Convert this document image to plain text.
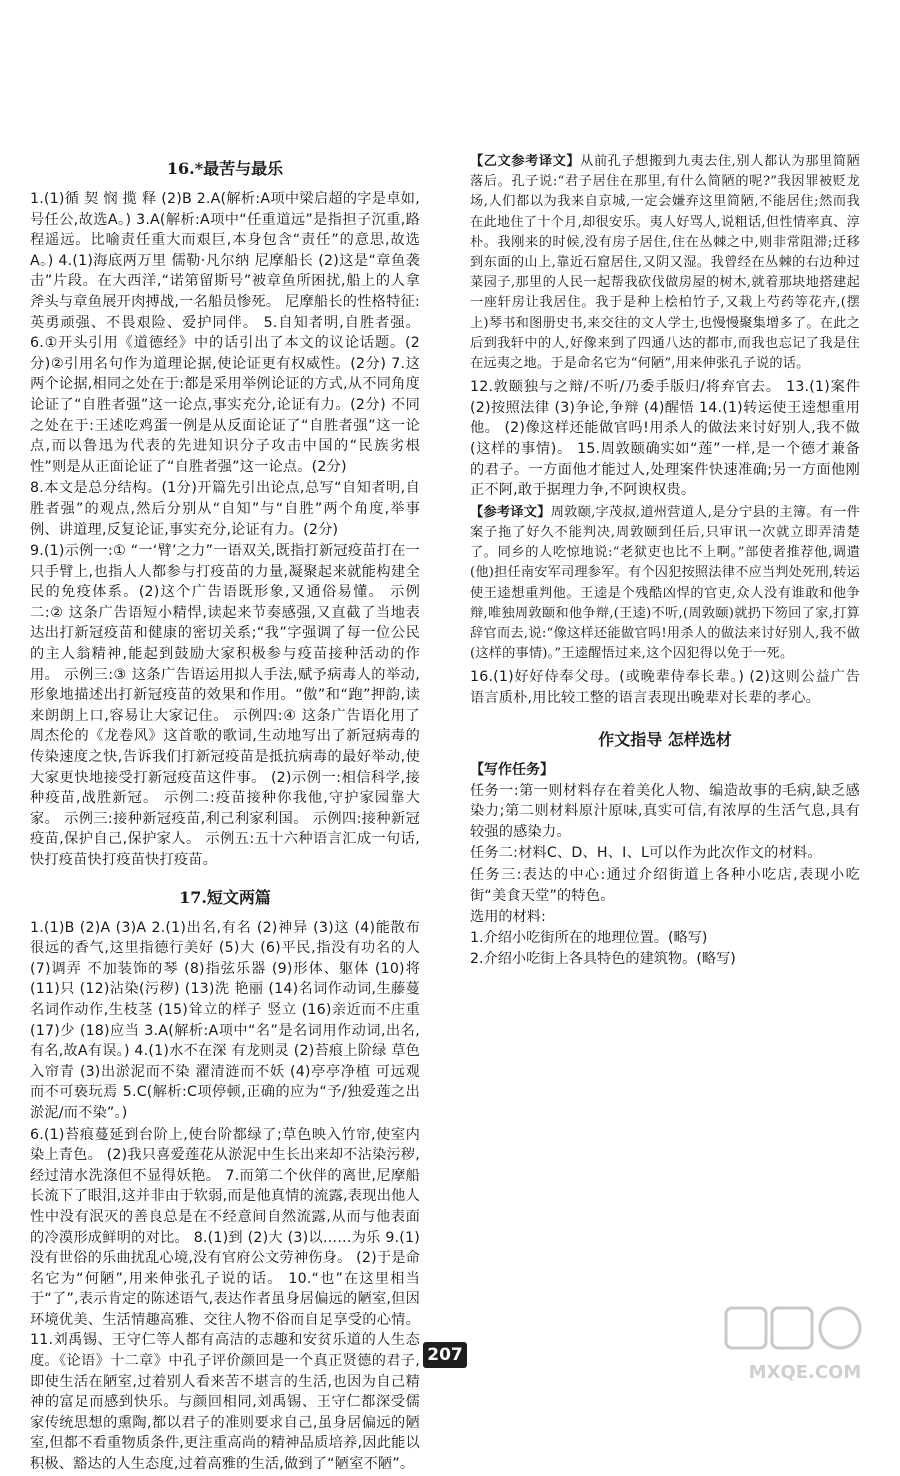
16.*最苦与最乐

1.(1)循 契 悯 揽 释 (2)B 2.A(解析:A项中梁启超的字是卓如,号任公,故选A。) 3.A(解析:A项中“任重道远”是指担子沉重,路程遥远。比喻责任重大而艰巨,本身包含“责任”的意思,故选A。) 4.(1)海底两万里 儒勒·凡尔纳 尼摩船长 (2)这是“章鱼袭击”片段。在大西洋,“诺第留斯号”被章鱼所困扰,船上的人拿斧头与章鱼展开肉搏战,一名船员惨死。 尼摩船长的性格特征:英勇顽强、不畏艰险、爱护同伴。 5.自知者明,自胜者强。 6.①开头引用《道德经》中的话引出了本文的议论话题。(2分)②引用名句作为道理论据,使论证更有权威性。(2分) 7.这两个论据,相同之处在于:都是采用举例论证的方式,从不同角度论证了“自胜者强”这一论点,事实充分,论证有力。(2分) 不同之处在于:王述吃鸡蛋一例是从反面论证了“自胜者强”这一论点,而以鲁迅为代表的先进知识分子攻击中国的“民族劣根性”则是从正面论证了“自胜者强”这一论点。(2分)

8.本文是总分结构。(1分)开篇先引出论点,总写“自知者明,自胜者强”的观点,然后分别从“自知”与“自胜”两个角度,举事例、讲道理,反复论证,事实充分,论证有力。(2分)

9.(1)示例一:① “一‘臂’之力”一语双关,既指打新冠疫苗打在一只手臂上,也指人人都参与打疫苗的力量,凝聚起来就能构建全民的免疫体系。(2)这个广告语既形象,又通俗易懂。 示例二:② 这条广告语短小精悍,读起来节奏感强,又直截了当地表达出打新冠疫苗和健康的密切关系;“我”字强调了每一位公民的主人翁精神,能起到鼓励大家积极参与疫苗接种活动的作用。 示例三:③ 这条广告语运用拟人手法,赋予病毒人的举动,形象地描述出打新冠疫苗的效果和作用。“傲”和“跑”押韵,读来朗朗上口,容易让大家记住。 示例四:④ 这条广告语化用了周杰伦的《龙卷风》这首歌的歌词,生动地写出了新冠病毒的传染速度之快,告诉我们打新冠疫苗是抵抗病毒的最好举动,使大家更快地接受打新冠疫苗这件事。 (2)示例一:相信科学,接种疫苗,战胜新冠。 示例二:疫苗接种你我他,守护家园靠大家。 示例三:接种新冠疫苗,利己利家利国。 示例四:接种新冠疫苗,保护自己,保护家人。 示例五:五十六种语言汇成一句话,快打疫苗快打疫苗快打疫苗。

17.短文两篇

1.(1)B (2)A (3)A 2.(1)出名,有名 (2)神异 (3)这 (4)能散布很远的香气,这里指德行美好 (5)大 (6)平民,指没有功名的人 (7)调弄 不加装饰的琴 (8)指弦乐器 (9)形体、躯体 (10)将 (11)只 (12)沾染(污秽) (13)洗 艳丽 (14)名词作动词,生藤蔓 名词作动作,生枝茎 (15)耸立的样子 竖立 (16)亲近而不庄重 (17)少 (18)应当 3.A(解析:A项中“名”是名词用作动词,出名,有名,故A有误。) 4.(1)水不在深 有龙则灵 (2)苔痕上阶绿 草色入帘青 (3)出淤泥而不染 濯清涟而不妖 (4)亭亭净植 可远观而不可亵玩焉 5.C(解析:C项停顿,正确的应为“予/独爱莲之出淤泥/而不染”。)

6.(1)苔痕蔓延到台阶上,使台阶都绿了;草色映入竹帘,使室内染上青色。 (2)我只喜爱莲花从淤泥中生长出来却不沾染污秽,经过清水洗涤但不显得妖艳。 7.而第二个伙伴的离世,尼摩船长流下了眼泪,这并非由于软弱,而是他真情的流露,表现出他人性中没有泯灭的善良总是在不经意间自然流露,从而与他表面的冷漠形成鲜明的对比。 8.(1)到 (2)大 (3)以……为乐 9.(1)没有世俗的乐曲扰乱心境,没有官府公文劳神伤身。 (2)于是命名它为“何陋”,用来伸张孔子说的话。 10.“也”在这里相当于“了”,表示肯定的陈述语气,表达作者虽身居偏远的陋室,但因环境优美、生活情趣高雅、交往人物不俗而自足享受的心情。 11.刘禹锡、王守仁等人都有高洁的志趣和安贫乐道的人生态度。《论语》十二章》中孔子评价颜回是一个真正贤德的君子,即使生活在陋室,过着别人看来苦不堪言的生活,也因为自己精神的富足而感到快乐。与颜回相同,刘禹锡、王守仁都深受儒家传统思想的熏陶,都以君子的准则要求自己,虽身居偏远的陋室,但都不看重物质条件,更注重高尚的精神品质培养,因此能以积极、豁达的人生态度,过着高雅的生活,做到了“陋室不陋”。

【乙文参考译文】从前孔子想搬到九夷去住,别人都认为那里简陋落后。孔子说:“君子居住在那里,有什么简陋的呢?”我因罪被贬龙场,人们都以为我来自京城,一定会嫌弃这里简陋,不能居住;然而我在此地住了十个月,却很安乐。夷人好骂人,说粗话,但性情率真、淳朴。我刚来的时候,没有房子居住,住在丛棘之中,则非常阻滞;迁移到东面的山上,靠近石窟居住,又阴又湿。我曾经在丛棘的右边种过菜园子,那里的人民一起帮我砍伐做房屋的树木,就着那块地搭建起一座轩房让我居住。我于是种上桧柏竹子,又栽上芍药等花卉,(摆上)琴书和图册史书,来交往的文人学士,也慢慢聚集增多了。在此之后到我轩中的人,好像来到了四通八达的都市,而我也忘记了我是住在远夷之地。于是命名它为“何陋”,用来伸张孔子说的话。

12.敦颐独与之辩/不听/乃委手版归/将弃官去。 13.(1)案件 (2)按照法律 (3)争论,争辩 (4)醒悟 14.(1)转运使王逵想重用他。 (2)像这样还能做官吗!用杀人的做法来讨好别人,我不做(这样的事情)。 15.周敦颐确实如“莲”一样,是一个德才兼备的君子。一方面他才能过人,处理案件快速准确;另一方面他刚正不阿,敢于据理力争,不阿谀权贵。

【参考译文】周敦颐,字茂叔,道州营道人,是分宁县的主簿。有一件案子拖了好久不能判决,周敦颐到任后,只审讯一次就立即弄清楚了。同乡的人吃惊地说:“老狱吏也比不上啊。”部使者推荐他,调遣(他)担任南安军司理参军。有个囚犯按照法律不应当判处死刑,转运使王逵想重判他。王逵是个残酷凶悍的官吏,众人没有谁敢和他争辩,唯独周敦颐和他争辩,(王逵)不听,(周敦颐)就扔下笏回了家,打算辞官而去,说:“像这样还能做官吗!用杀人的做法来讨好别人,我不做(这样的事情)。”王逵醒悟过来,这个囚犯得以免于一死。

16.(1)好好侍奉父母。(或晚辈侍奉长辈。) (2)这则公益广告语言质朴,用比较工整的语言表现出晚辈对长辈的孝心。

作文指导 怎样选材

【写作任务】

任务一:第一则材料存在着美化人物、编造故事的毛病,缺乏感染力;第二则材料原汁原味,真实可信,有浓厚的生活气息,具有较强的感染力。

任务二:材料C、D、H、I、L可以作为此次作文的材料。

任务三:表达的中心:通过介绍街道上各种小吃店,表现小吃街“美食天堂”的特色。

选用的材料:

1.介绍小吃街所在的地理位置。(略写)

2.介绍小吃街上各具特色的建筑物。(略写)

207
MXQE.COM
